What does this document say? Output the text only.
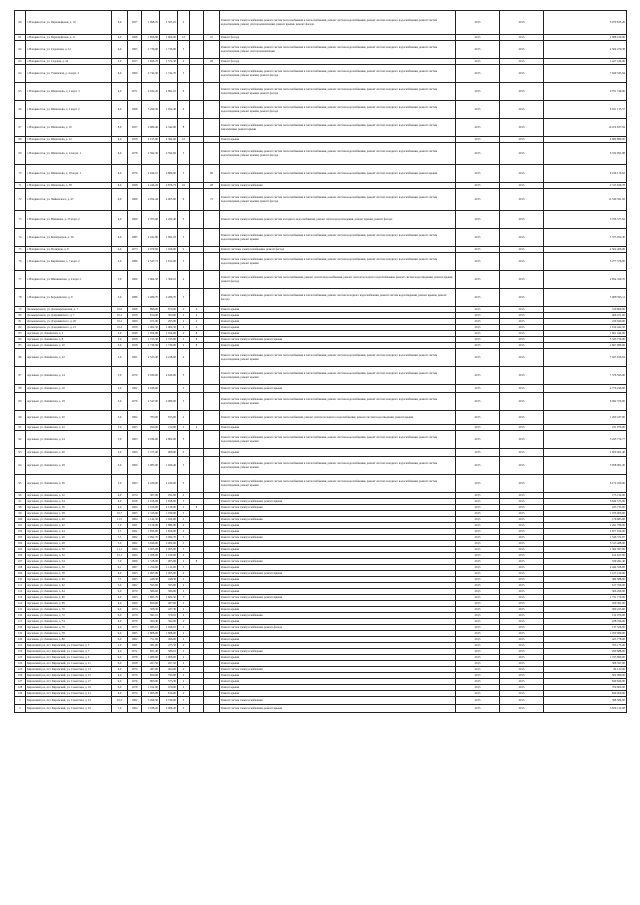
60	г. Владивосток, ул. Первомайская, д. 10	6,0	1957	1 998,70	1 505,10	5			Ремонт систем электроснабжения, ремонт систем теплоснабжения и теплоснабжения, ремонт систем водоснабжения, ремонт систем холодного водоснабжения, ремонт систем водоотведения, ремонт систем канализации, ремонт крыши, ремонт фасада	2015	2015	5 970 835,20
61	г. Владивосток, ул. Первомайская, д. 11	4,0	1966	1 856,80	1 600,00	12		47	Ремонт фасада	2015	2015	2 688 220,00
62	г. Владивосток, ул. Садовская, д. 12	4,0	1965	1 736,90	1 736,90	5			Ремонт систем электроснабжения, ремонт систем теплоснабжения и теплоснабжения, ремонт систем водоснабжения, ремонт систем холодного водоснабжения, ремонт систем водоотведения, ремонт систем канализации	2015	2015	4 564 479,38
63	г. Владивосток, ул. Садовая, д. 44	5,0	1957	1 829,70	1 574,30	4		28	Ремонт фасада	2015	2015	1 427 434,00
64	г. Владивосток, ул. Уткинская, д. 4 корп. 3	6,0	1960	2 744,30	1 744,70	5			Ремонт систем электроснабжения, ремонт систем теплоснабжения и теплоснабжения, ремонт систем водоснабжения, ремонт систем холодного водоснабжения, ремонт систем водоотведения, ремонт крыши, ремонт фасада	2015	2015	7 649 345,94
65	г. Владивосток, ул. Шепеткова, д. 2 корп. 3	6,0	1971	4 032,20	2 891,10	6			Ремонт систем электроснабжения, ремонт систем теплоснабжения и теплоснабжения, ремонт систем водоснабжения, ремонт систем холодного водоснабжения, ремонт систем водоотведения, ремонт крыши, ремонт фасада	2015	2015	9 791 749,00
66	г. Владивосток, ул. Шепеткова, д. 2 корп. 2	6,0	1968	3 299,30	1 954,40	6			Ремонт систем электроснабжения, ремонт систем теплоснабжения и теплоснабжения, ремонт систем водоснабжения, ремонт систем холодного водоснабжения, ремонт систем водоотведения, ремонт крыши, ремонт фасада	2015	2015	6 811 135,57
67	г. Владивосток, ул. Шепеткова, д. 10	8,0	1957	4 980,40	4 342,90	8			Ремонт систем электроснабжения, ремонт систем теплоснабжения и теплоснабжения, ремонт систем водоснабжения, ремонт систем холодного водоснабжения, ремонт систем канализации, ремонт крыши	2015	2015	10 474 837,94
68	г. Владивосток, ул. Шепеткова, д. 12	6,0	1958	2 215,90	2 392,60	16			Ремонт крыши	2015	2015	4 680 880,00
69	г. Владивосток, ул. Шепеткова, д. 14 корп. 1	6,0	1978	2 592,30	2 592,60	5			Ремонт систем электроснабжения, ремонт систем теплоснабжения и теплоснабжения, ремонт систем водоснабжения, ремонт систем холодного водоснабжения, ремонт систем водоотведения, ремонт крыши, ремонт фасада	2015	2015	6 332 091,98
70	г. Владивосток, ул. Шепеткова, д. 18 корп. 1	6,0	1979	2 944,10	2 880,60	5		96	Ремонт систем электроснабжения, ремонт систем теплоснабжения и теплоснабжения, ремонт систем водоснабжения, ремонт систем холодного водоснабжения, ремонт крыши	2015	2015	9 239 176,62
71	г. Владивосток, ул. Шепеткова, д. 38	6,0	1998	4 244,20	2 876,73	16		28	Ремонт систем электроснабжения	2015	2015	2 313 630,78
72	г. Владивосток, ул. Чайковского, д. 47	6,0	1966	4 054,44	4 005,00	9		72	Ремонт систем электроснабжения, ремонт систем теплоснабжения и теплоснабжения, ремонт систем водоснабжения, ремонт систем холодного водоснабжения, ремонт систем водоотведения, ремонт крыши, ремонт фасада	2015	2015	11 540 591,92
73	г. Владивосток, ул. Юмашева, д. 15 корп. 2	6,0	1960	2 705,90	2 262,40	5			Ремонт систем электроснабжения, ремонт систем холодного водоснабжения, ремонт систем водоотведения, ремонт крыши, ремонт фасада	2015	2015	5 706 377,92
74	г. Владивосток, ул. Коммунаров, д. 30	6,0	1985	2 431,80	1 691,03	5			Ремонт систем электроснабжения, ремонт систем теплоснабжения и теплоснабжения, ремонт систем водоснабжения, ремонт систем холодного водоснабжения, ремонт систем водоотведения, ремонт крыши	2015	2015	7 373 952,30
75	г. Владивосток, ул. Полярная, д. 8	4,0	1973	2 079,00	1 026,00	4			Ремонт системы электроснабжения, ремонт фасада	2015	2015	4 562 466,00
76	г. Владивосток, ул. Кирпичная, д. 7 корп. 2	5,0	1986	2 547,72	1 812,00	5			Ремонт систем электроснабжения, ремонт систем теплоснабжения и теплоснабжения, ремонт систем водоснабжения, ремонт систем холодного водоснабжения, ремонт систем водоотведения, ремонт крыши	2015	2015	5 277 376,00
77	г. Владивосток, ул. Шилкинская, д. 9 корп. 1	5,0	1969	1 864,50	1 309,10	4			Ремонт систем электроснабжения, ремонт систем теплоснабжения, ремонт систем водоснабжения, ремонт систем холодного водоснабжения, ремонт систем водоотведения, ремонт крыши, ремонт фасада	2015	2015	4 854 320,70
78	г. Владивосток, ул. Бородинская, д. 9	5,0	1986	2 286,70	2 286,70	5			Ремонт систем электроснабжения, ремонт систем теплоснабжения и теплоснабжения, ремонт систем холодного водоснабжения, ремонт систем водоотведения, ремонт крыши, ремонт фасада	2015	2015	3 908 595,11
79	Дальнереченск, ул. Дальнереченская, д. 7	10,0	1968	896,00	870,00	2	4		Ремонт крыши	2015	2015	310 800,00
80	Дальнереченск, ул. Дзержинского, д. 7	10,2	1958	814,00	500,00	2	4		Ремонт крыши	2015	2015	466 471,00
81	Дальнереченск, ул. Дзержинского, д. 20	10,2	1960	471,00	295,00	2	4		Ремонт крыши	2015	2015	229 940,00
82	Дальнереченск, ул. Дзержинского, д. 21	10,2	1959	1 002,50	1 002,50	2	4		Ремонт крыши	2015	2015	1 019 442,50
83	Арсеньев, ул. Ленинская, д. 2	5,0	1949	1 054,00	1 054,00	2	8		Ремонт крыши	2015	2015	1 601 444,00
84	Арсеньев, ул. Ленинская, д. 8	5,0	1958	1 723,30	1 723,00	2	8		Ремонт систем электроснабжения, ремонт крыши	2015	2015	3 345 750,00
85	Арсеньев, ул. Ленинская, д. 10	5,0	1958	1 739,00	1 739,00	2	8		Ремонт крыши	2015	2015	2 667 980,00
86	Арсеньев, ул. Ленинская, д. 12	5,0	1961	2 525,40	2 228,00	4			Ремонт систем электроснабжения, ремонт систем теплоснабжения и теплоснабжения, ремонт систем водоснабжения, ремонт систем холодного водоснабжения, ремонт систем водоотведения, ремонт крыши	2015	2015	7 025 916,64
87	Арсеньев, ул. Ленинская, д. 14	5,0	1970	2 630,00	2 620,00	5			Ремонт систем электроснабжения, ремонт систем теплоснабжения и теплоснабжения, ремонт систем водоснабжения, ремонт систем холодного водоснабжения, ремонт систем водоотведения, ремонт крыши	2015	2015	7 376 595,00
88	Арсеньев, ул. Ленинская, д. 16	5,0	1962	4 636,00		5			Ремонт систем электроснабжения, ремонт крыши	2015	2015	4 776 246,00
89	Арсеньев, ул. Ленинская, д. 18	5,0	1976	2 547,00	2 089,00	5			Ремонт систем электроснабжения, ремонт систем теплоснабжения и теплоснабжения, ремонт систем водоснабжения, ремонт систем холодного водоснабжения, ремонт систем водоотведения, ремонт крыши	2015	2015	6 092 370,00
90	Арсеньев, ул. Ленинская, д. 20	5,0	1962	783,00	655,00	2			Ремонт систем электроснабжения, ремонт систем теплоснабжения, ремонт систем холодного водоснабжения, ремонт систем водоотведения, ремонт крыши	2015	2015	1 200 437,00
91	Арсеньев, ул. Ленинская, д. 22	5,0	1963	290,00	212,00	2	4		Ремонт крыши	2015	2015	231 076,00
92	Арсеньев, ул. Ленинская, д. 24	5,0	1963	4 034,00	2 882,00	5			Ремонт систем электроснабжения, ремонт систем теплоснабжения и теплоснабжения, ремонт систем водоснабжения, ремонт систем холодного водоснабжения, ремонт систем водоотведения, ремонт крыши	2015	2015	5 243 774,77
93	Арсеньев, ул. Ленинская, д. 26	5,0	1960	1 577,00	906,00	2			Ремонт крыши	2015	2015	1 629 401,40
94	Арсеньев, ул. Ленинская, д. 28	5,0	1960	1 983,00	1 926,40	5			Ремонт систем электроснабжения, ремонт систем теплоснабжения и теплоснабжения, ремонт систем водоснабжения, ремонт систем холодного водоснабжения, ремонт систем водоотведения, ремонт крыши	2015	2015	3 958 001,20
95	Арсеньев, ул. Ленинская, д. 30	5,0	1963	2 430,00	2 430,00	5			Ремонт систем электроснабжения, ремонт систем теплоснабжения и теплоснабжения, ремонт систем водоснабжения, ремонт систем холодного водоснабжения, ремонт систем водоотведения, ремонт крыши	2015	2015	6 172 450,00
96	Арсеньев, ул. Ленинская, д. 32	6,0	1974	307,00	291,00	2			Ремонт крыши	2015	2015	175 132,00
97	Арсеньев, ул. Ленинская, д. 34	6,0	1958	2 016,00	1 658,00	3			Ремонт систем электроснабжения, ремонт крыши	2015	2015	3 644 575,00
98	Арсеньев, ул. Ленинская, д. 36	6,0	1964	2 106,00	2 126,00	2	8		Ремонт систем электроснабжения	2015	2015	433 733,00
99	Арсеньев, ул. Ленинская, д. 38	10,7	1965	1 316,00	1 030,00	5			Ремонт крыши	2015	2015	1 076 000,00
100	Арсеньев, ул. Ленинская, д. 40	11,5	1964	1 142,50	1 022,00	2			Ремонт систем электроснабжения	2015	2015	176 685,00
101	Арсеньев, ул. Ленинская, д. 42	7,0	1961	3 159,00	1 886,00	4			Ремонт крыши	2015	2015	1 291 780,00
102	Арсеньев, ул. Ленинская, д. 44	5,5	1962	1 856,00	1 856,00	4			Ремонт крыши	2015	2015	1 677 104,00
103	Арсеньев, ул. Ленинская, д. 46	5,5	1962	2 092,70	2 092,70	5			Ремонт систем электроснабжения	2015	2015	1 546 372,87
104	Арсеньев, ул. Ленинская, д. 48	5,0	1962	3 040,00	2 902,00	5			Ремонт крыши	2015	2015	3 313 488,00
105	Арсеньев, ул. Ленинская, д. 50	11,1	1964	3 005,00	1 005,00	3			Ремонт крыши	2015	2015	1 364 397,00
106	Арсеньев, ул. Ленинская, д. 52	12,1	1964	1 208,00	1 100,00	4			Ремонт крыши	2015	2015	614 627,00
107	Арсеньев, ул. Ленинская, д. 54	7,0	1966	1 318,00	905,00	2	8		Ремонт систем электроснабжения	2015	2015	339 491,40
108	Арсеньев, ул. Ленинская, д. 56	9,1	1967	1 256,00	1 112,00	3			Ремонт крыши	2015	2015	2 444 328,00
109	Арсеньев, ул. Ленинская, д. 58	6,0	1963	1 097,00	1 005,00	4			Ремонт систем электроснабжения, ремонт крыши	2015	2015	1 127 210,00
110	Арсеньев, ул. Ленинская, д. 60	7,5	1963	448,30	448,30	2			Ремонт крыши	2015	2015	384 588,00
111	Арсеньев, ул. Ленинская, д. 62	5,0	1962	595,00	595,00	2			Ремонт крыши	2015	2015	617 760,00
112	Арсеньев, ул. Ленинская, д. 64	6,0	1970	586,00	586,00	2			Ремонт крыши	2015	2015	306 290,00
113	Арсеньев, ул. Ленинская, д. 66	6,0	1963	1 861,70	1 602,50	5			Ремонт систем электроснабжения, ремонт крыши	2015	2015	1 731 779,00
114	Арсеньев, ул. Ленинская, д. 68	6,0	1969	829,00	487,00	2			Ремонт крыши	2015	2015	450 391,00
115	Арсеньев, ул. Ленинская, д. 70	6,0	1974	508,30	437,30	2			Ремонт крыши	2015	2015	390 225,60
116	Арсеньев, ул. Ленинская, д. 72	6,0	1970	391,10	370,10	2			Ремонт систем электроснабжения	2015	2015	132 970,00
117	Арсеньев, ул. Ленинская, д. 74	6,0	1970	394,40	392,00	2			Ремонт крыши	2015	2015	228 766,00
118	Арсеньев, ул. Ленинская, д. 76	6,0	1973	1 085,10	1 026,10	2			Ремонт систем электроснабжения, ремонт фасада	2015	2015	137 326,00
119	Арсеньев, ул. Ленинская, д. 78	6,0	1965	1 808,00	1 808,00	2			Ремонт крыши	2015	2015	1 050 080,00
120	Арсеньев, ул. Ленинская, д. 80	6,0	1962	751,00	496,00	2			Ремонт крыши	2015	2015	423 778,00
121	Кировский р-н, пгт. Кировский, ул. Советская, д. 5	1,0	1961	581,00	475,50	2			Ремонт крыши	2015	2015	353 175,00
122	Кировский р-н, пгт. Кировский, ул. Советская, д. 7	6,0	1972	821,40	586,10	2			Ремонт систем электроснабжения	2015	2015	290 688,00
123	Кировский р-н, пгт. Кировский, ул. Советская, д. 9	6,0	1978	1 089,00	1 006,00	2			Ремонт крыши	2015	2015	1 195 890,00
124	Кировский р-н, пгт. Кировский, ул. Советская, д. 11	6,0	1958	267,50	267,50	2			Ремонт крыши	2015	2015	308 597,00
125	Кировский р-н, пгт. Кировский, ул. Советская, д. 13	6,0	1974	487,00	464,00	2			Ремонт систем электроснабжения	2015	2015	84 132,00
126	Кировский р-н, пгт. Кировский, ул. Советская, д. 15	6,0	1976	820,00	790,00	2			Ремонт крыши	2015	2015	502 080,00
127	Кировский р-н, пгт. Кировский, ул. Советская, д. 17	6,0	1976	860,00	575,30	2			Ремонт крыши	2015	2015	840 840,00
128	Кировский р-н, пгт. Кировский, ул. Советская, д. 19	6,0	1976	1 012,00	970,00	2			Ремонт крыши	2015	2015	700 600,00
129	Кировский р-н, пгт. Кировский, ул. Советская, д. 21	6,0	1974	1 063,00	816,00	2			Ремонт крыши	2015	2015	849 000,00
1	Кировский р-н, пгт. Кировский, ул. Советская, д. 23	10,5	1962	3 490,50	2 720,00	5			Ремонт систем электроснабжения	2015	2015	398 584,00
2	Кировский р-н, пгт. Кировский, ул. Советская, д. 25	7,0	1964	3 038,20	2 966,20	5			Ремонт систем электроснабжения, ремонт крыши	2015	2015	3 836 212,68
